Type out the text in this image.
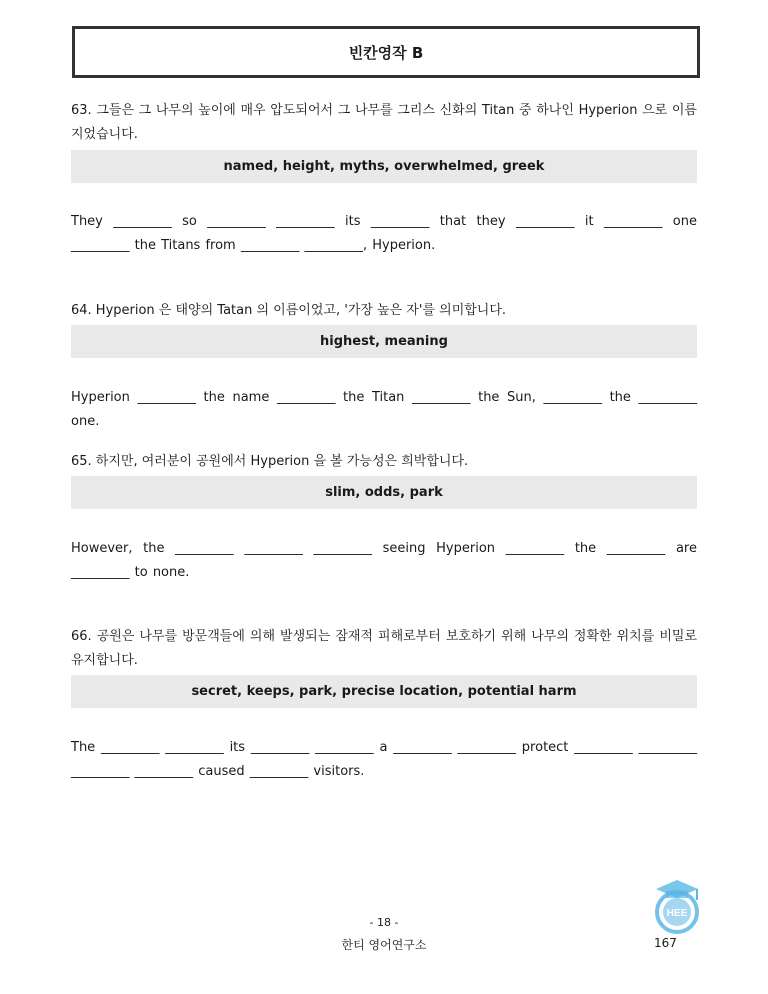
빈칸영작 B
63. 그들은 그 나무의 높이에 매우 압도되어서 그 나무를 그리스 신화의 Titan 중 하나인 Hyperion 으로 이름 지었습니다.
named, height, myths, overwhelmed, greek
They _________ so _________ _________ its _________ that they _________ it _________ one _________ the Titans from _________ _________, Hyperion.
64. Hyperion 은 태양의 Tatan 의 이름이었고, '가장 높은 자'를 의미합니다.
highest, meaning
Hyperion _________ the name _________ the Titan _________ the Sun, _________ the _________ one.
65. 하지만, 여러분이 공원에서 Hyperion 을 볼 가능성은 희박합니다.
slim, odds, park
However, the _________ _________ _________ seeing Hyperion _________ the _________ are _________ to none.
66. 공원은 나무를 방문객들에 의해 발생되는 잠재적 피해로부터 보호하기 위해 나무의 정확한 위치를 비밀로 유지합니다.
secret, keeps, park, precise location, potential harm
The _________ _________ its _________ _________ a _________ _________ protect _________ _________ _________ _________ caused _________ visitors.
- 18 -
한티 영어연구소
HEE
167
